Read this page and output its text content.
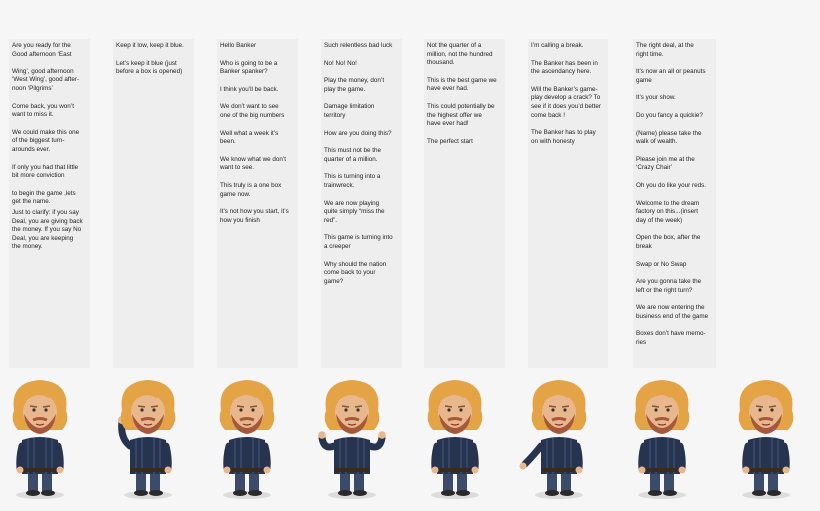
Are you ready for the
Good afternoon ‘East

Wing’, good afternoon
‘West Wing’, good after-
noon ‘Pilgrims’
Come back, you won’t
want to miss it.
We could make this one
of the biggest turn-
arounds ever.
If only you had that little
bit more conviction
to begin the game ,lets
get the name.
Just to clarify: if you say
Deal, you are giving back
the money. If you say No
Deal, you are keeping
the money.
Keep it low, keep it blue.
Let’s keep it blue (just
before a box is opened)
Hello Banker
Who is going to be a
Banker spanker?
I think you’ll be back.
We don’t want to see
one of the big numbers
Well what a week it’s
been.
We know what we don’t
want to see.
This truly is a one box
game now.
It’s not how you start, it’s
how you finish
Such relentless bad luck
No! No! No!
Play the money, don’t
play the game.
Damage limitation
territory
How are you doing this?
This must not be the
quarter of a million.
This is turning into a
trainwreck.
We are now playing
quite simply “miss the
red”.
This game is turning into
a creeper
Why should the nation
come back to your
game?
Not the quarter of a
million, not the hundred
thousand.
This is the best game we
have ever had.
This could potentially be
the highest offer we
have ever had!
The perfect start
I’m calling a break.
The Banker has been in
the ascendancy here.
Will the Banker’s game-
play develop a crack? To
see if it does you’d better
come back !
The Banker has to play
on with honesty
The right deal, at the
right time.
It’s now an all or peanuts
game
It’s your show.
Do you fancy a quickie?
(Name) please take the
walk of wealth.
Please join me at the
‘Crazy Chair’
Oh you do like your reds.
Welcome to the dream
factory on this...(insert
day of the week)
Open the box, after the
break
Swap or No Swap
Are you gonna take the
left or the right turn?
We are now entering the
business end of the game
Boxes don’t have memo-
ries
